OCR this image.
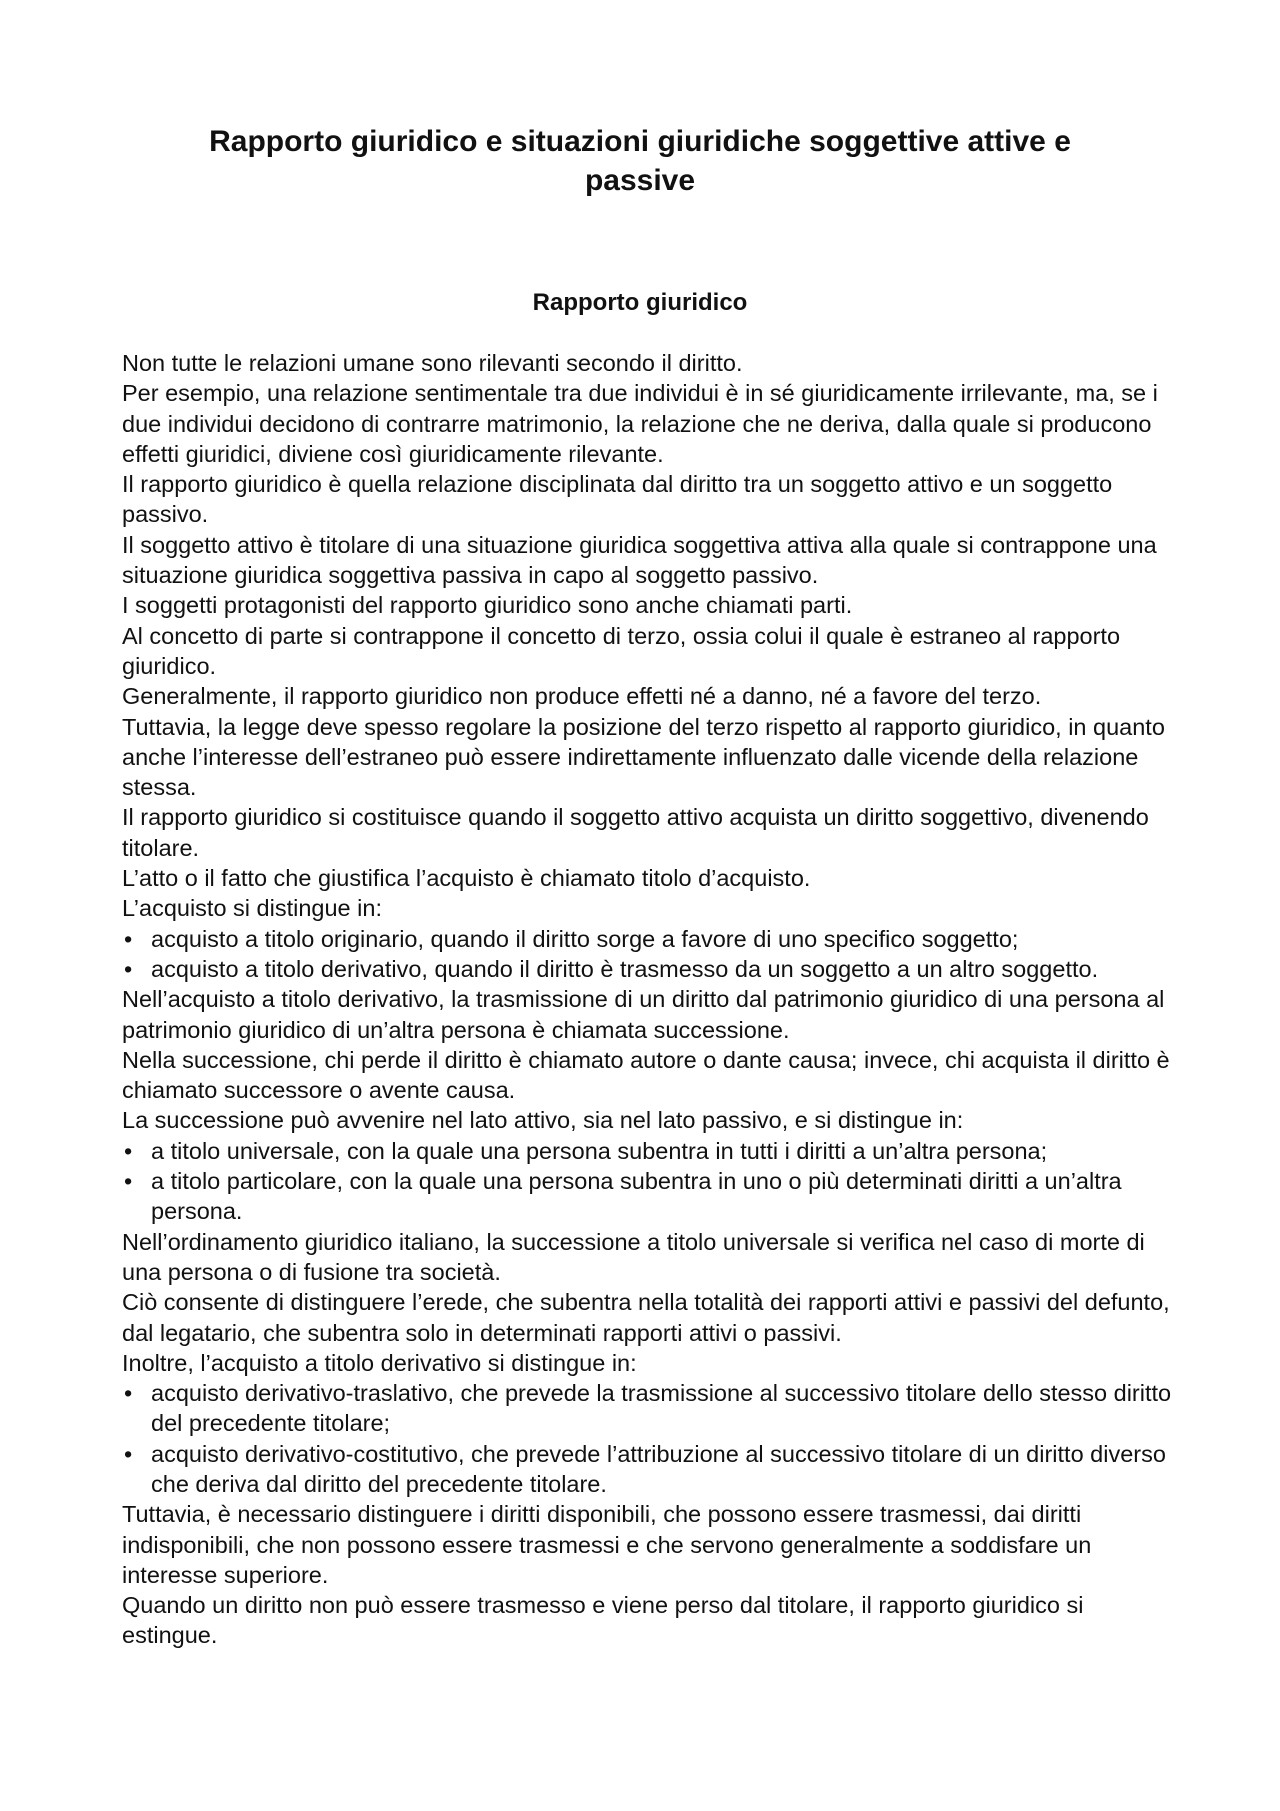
Rapporto giuridico e situazioni giuridiche soggettive attive e passive
Rapporto giuridico

Non tutte le relazioni umane sono rilevanti secondo il diritto.

Per esempio, una relazione sentimentale tra due individui è in sé giuridicamente irrilevante, ma, se i due individui decidono di contrarre matrimonio, la relazione che ne deriva, dalla quale si producono effetti giuridici, diviene così giuridicamente rilevante.

Il rapporto giuridico è quella relazione disciplinata dal diritto tra un soggetto attivo e un soggetto passivo.

Il soggetto attivo è titolare di una situazione giuridica soggettiva attiva alla quale si contrappone una situazione giuridica soggettiva passiva in capo al soggetto passivo.

I soggetti protagonisti del rapporto giuridico sono anche chiamati parti.

Al concetto di parte si contrappone il concetto di terzo, ossia colui il quale è estraneo al rapporto giuridico.

Generalmente, il rapporto giuridico non produce effetti né a danno, né a favore del terzo.

Tuttavia, la legge deve spesso regolare la posizione del terzo rispetto al rapporto giuridico, in quanto anche l’interesse dell’estraneo può essere indirettamente influenzato dalle vicende della relazione stessa.

Il rapporto giuridico si costituisce quando il soggetto attivo acquista un diritto soggettivo, divenendo titolare.

L’atto o il fatto che giustifica l’acquisto è chiamato titolo d’acquisto.

L’acquisto si distingue in:

• acquisto a titolo originario, quando il diritto sorge a favore di uno specifico soggetto;
• acquisto a titolo derivativo, quando il diritto è trasmesso da un soggetto a un altro soggetto.

Nell’acquisto a titolo derivativo, la trasmissione di un diritto dal patrimonio giuridico di una persona al patrimonio giuridico di un’altra persona è chiamata successione.

Nella successione, chi perde il diritto è chiamato autore o dante causa; invece, chi acquista il diritto è chiamato successore o avente causa.

La successione può avvenire nel lato attivo, sia nel lato passivo, e si distingue in:

• a titolo universale, con la quale una persona subentra in tutti i diritti a un’altra persona;
• a titolo particolare, con la quale una persona subentra in uno o più determinati diritti a un’altra persona.

Nell’ordinamento giuridico italiano, la successione a titolo universale si verifica nel caso di morte di una persona o di fusione tra società.

Ciò consente di distinguere l’erede, che subentra nella totalità dei rapporti attivi e passivi del defunto, dal legatario, che subentra solo in determinati rapporti attivi o passivi.

Inoltre, l’acquisto a titolo derivativo si distingue in:

• acquisto derivativo-traslativo, che prevede la trasmissione al successivo titolare dello stesso diritto del precedente titolare;
• acquisto derivativo-costitutivo, che prevede l’attribuzione al successivo titolare di un diritto diverso che deriva dal diritto del precedente titolare.

Tuttavia, è necessario distinguere i diritti disponibili, che possono essere trasmessi, dai diritti indisponibili, che non possono essere trasmessi e che servono generalmente a soddisfare un interesse superiore.

Quando un diritto non può essere trasmesso e viene perso dal titolare, il rapporto giuridico si estingue.
